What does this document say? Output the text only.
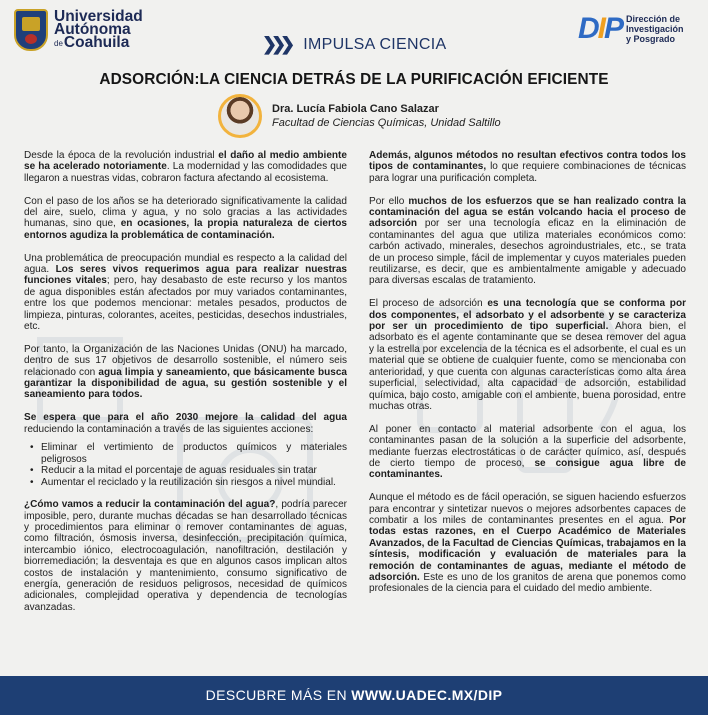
Universidad
Autónoma
deCoahuila	❯❯❯ IMPULSA CIENCIA	DIP Dirección de
Investigación
y Posgrado
ADSORCIÓN:LA CIENCIA DETRÁS DE LA PURIFICACIÓN EFICIENTE
Dra. Lucía Fabiola Cano Salazar
Facultad de Ciencias Químicas, Unidad Saltillo

Desde la época de la revolución industrial el daño al medio ambiente se ha acelerado notoriamente. La modernidad y las comodidades que llegaron a nuestras vidas, cobraron factura afectando al ecosistema.

Con el paso de los años se ha deteriorado significativamente la calidad del aire, suelo, clima y agua, y no solo gracias a las actividades humanas, sino que, en ocasiones, la propia naturaleza de ciertos entornos agudiza la problemática de contaminación.

Una problemática de preocupación mundial es respecto a la calidad del agua. Los seres vivos requerimos agua para realizar nuestras funciones vitales; pero, hay desabasto de este recurso y los mantos de agua disponibles están afectados por muy variados contaminantes, entre los que podemos mencionar: metales pesados, productos de limpieza, pinturas, colorantes, aceites, pesticidas, desechos industriales, etc.

Por tanto, la Organización de las Naciones Unidas (ONU) ha marcado, dentro de sus 17 objetivos de desarrollo sostenible, el número seis relacionado con agua limpia y saneamiento, que básicamente busca garantizar la disponibilidad de agua, su gestión sostenible y el saneamiento para todos.

Se espera que para el año 2030 mejore la calidad del agua reduciendo la contaminación a través de las siguientes acciones:

• Eliminar el vertimiento de productos químicos y materiales peligrosos
• Reducir a la mitad el porcentaje de aguas residuales sin tratar
• Aumentar el reciclado y la reutilización sin riesgos a nivel mundial.

¿Cómo vamos a reducir la contaminación del agua?, podría parecer imposible, pero, durante muchas décadas se han desarrollado técnicas y procedimientos para eliminar o remover contaminantes de aguas, como filtración, ósmosis inversa, desinfección, precipitación química, intercambio iónico, electrocoagulación, nanofiltración, destilación y biorremediación; la desventaja es que en algunos casos implican altos costos de instalación y mantenimiento, consumo significativo de energía, generación de residuos peligrosos, necesidad de químicos adicionales, complejidad operativa y dependencia de tecnologías avanzadas.

Además, algunos métodos no resultan efectivos contra todos los tipos de contaminantes, lo que requiere combinaciones de técnicas para lograr una purificación completa.

Por ello muchos de los esfuerzos que se han realizado contra la contaminación del agua se están volcando hacia el proceso de adsorción por ser una tecnología eficaz en la eliminación de contaminantes del agua que utiliza materiales económicos como: carbón activado, minerales, desechos agroindustriales, etc., se trata de un proceso simple, fácil de implementar y cuyos materiales pueden reutilizarse, es decir, que es ambientalmente amigable y adecuado para diversas escalas de tratamiento.

El proceso de adsorción es una tecnología que se conforma por dos componentes, el adsorbato y el adsorbente y se caracteriza por ser un procedimiento de tipo superficial. Ahora bien, el adsorbato es el agente contaminante que se desea remover del agua y la estrella por excelencia de la técnica es el adsorbente, el cual es un material que se obtiene de cualquier fuente, como se mencionaba con anterioridad, y que cuenta con algunas características como alta área superficial, selectividad, alta capacidad de adsorción, estabilidad química, bajo costo, amigable con el ambiente, buena porosidad, entre muchas otras.

Al poner en contacto al material adsorbente con el agua, los contaminantes pasan de la solución a la superficie del adsorbente, mediante fuerzas electrostáticas o de carácter químico, así, después de cierto tiempo de proceso, se consigue agua libre de contaminantes.

Aunque el método es de fácil operación, se siguen haciendo esfuerzos para encontrar y sintetizar nuevos o mejores adsorbentes capaces de combatir a los miles de contaminantes presentes en el agua. Por todas estas razones, en el Cuerpo Académico de Materiales Avanzados, de la Facultad de Ciencias Químicas, trabajamos en la síntesis, modificación y evaluación de materiales para la remoción de contaminantes de aguas, mediante el método de adsorción. Este es uno de los granitos de arena que ponemos como profesionales de la ciencia para el cuidado del medio ambiente.

DESCUBRE MÁS EN WWW.UADEC.MX/DIP
